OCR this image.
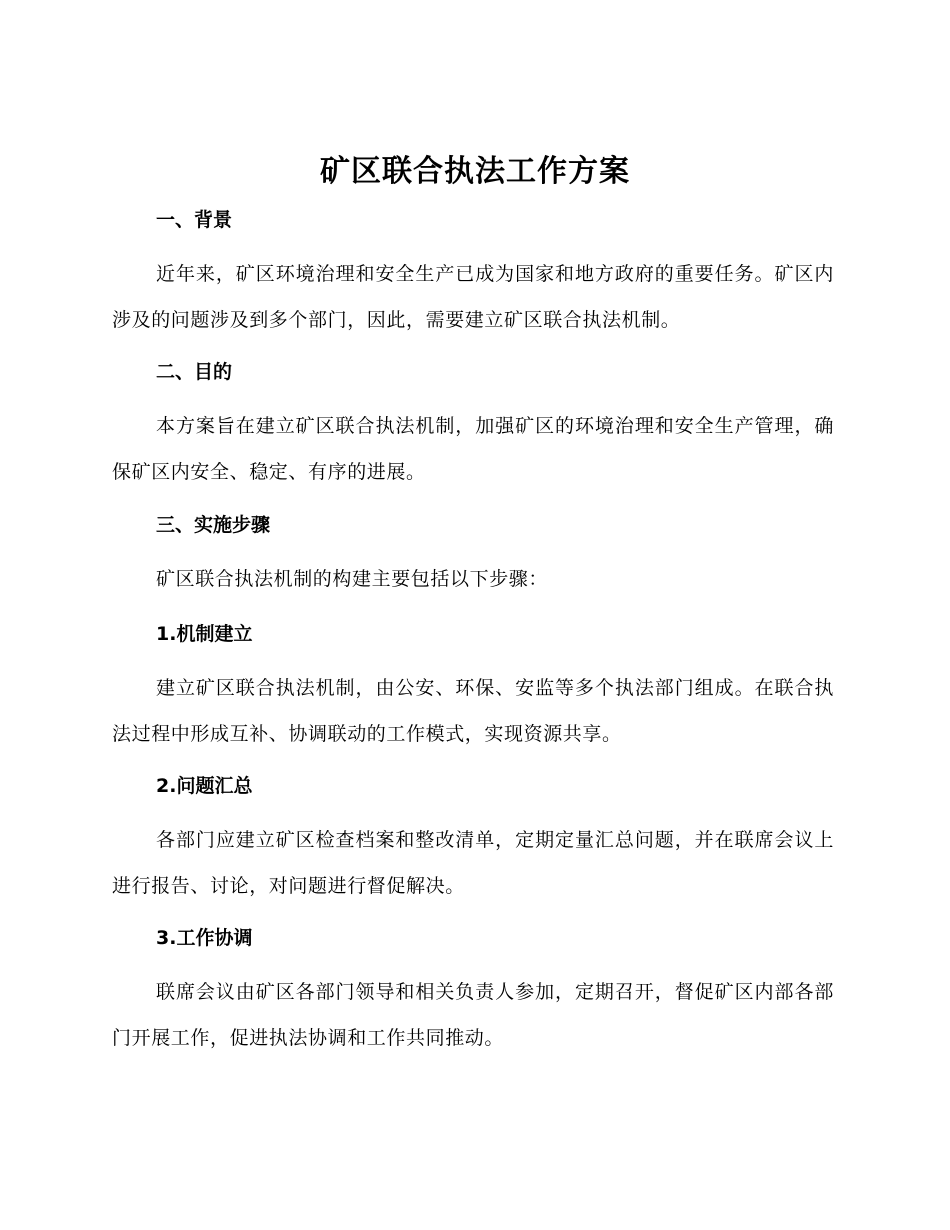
矿区联合执法工作方案
一、背景
近年来，矿区环境治理和安全生产已成为国家和地方政府的重要任务。矿区内涉及的问题涉及到多个部门，因此，需要建立矿区联合执法机制。
二、目的
本方案旨在建立矿区联合执法机制，加强矿区的环境治理和安全生产管理，确保矿区内安全、稳定、有序的进展。
三、实施步骤
矿区联合执法机制的构建主要包括以下步骤：
1.机制建立
建立矿区联合执法机制，由公安、环保、安监等多个执法部门组成。在联合执法过程中形成互补、协调联动的工作模式，实现资源共享。
2.问题汇总
各部门应建立矿区检查档案和整改清单，定期定量汇总问题，并在联席会议上进行报告、讨论，对问题进行督促解决。
3.工作协调
联席会议由矿区各部门领导和相关负责人参加，定期召开，督促矿区内部各部门开展工作，促进执法协调和工作共同推动。
